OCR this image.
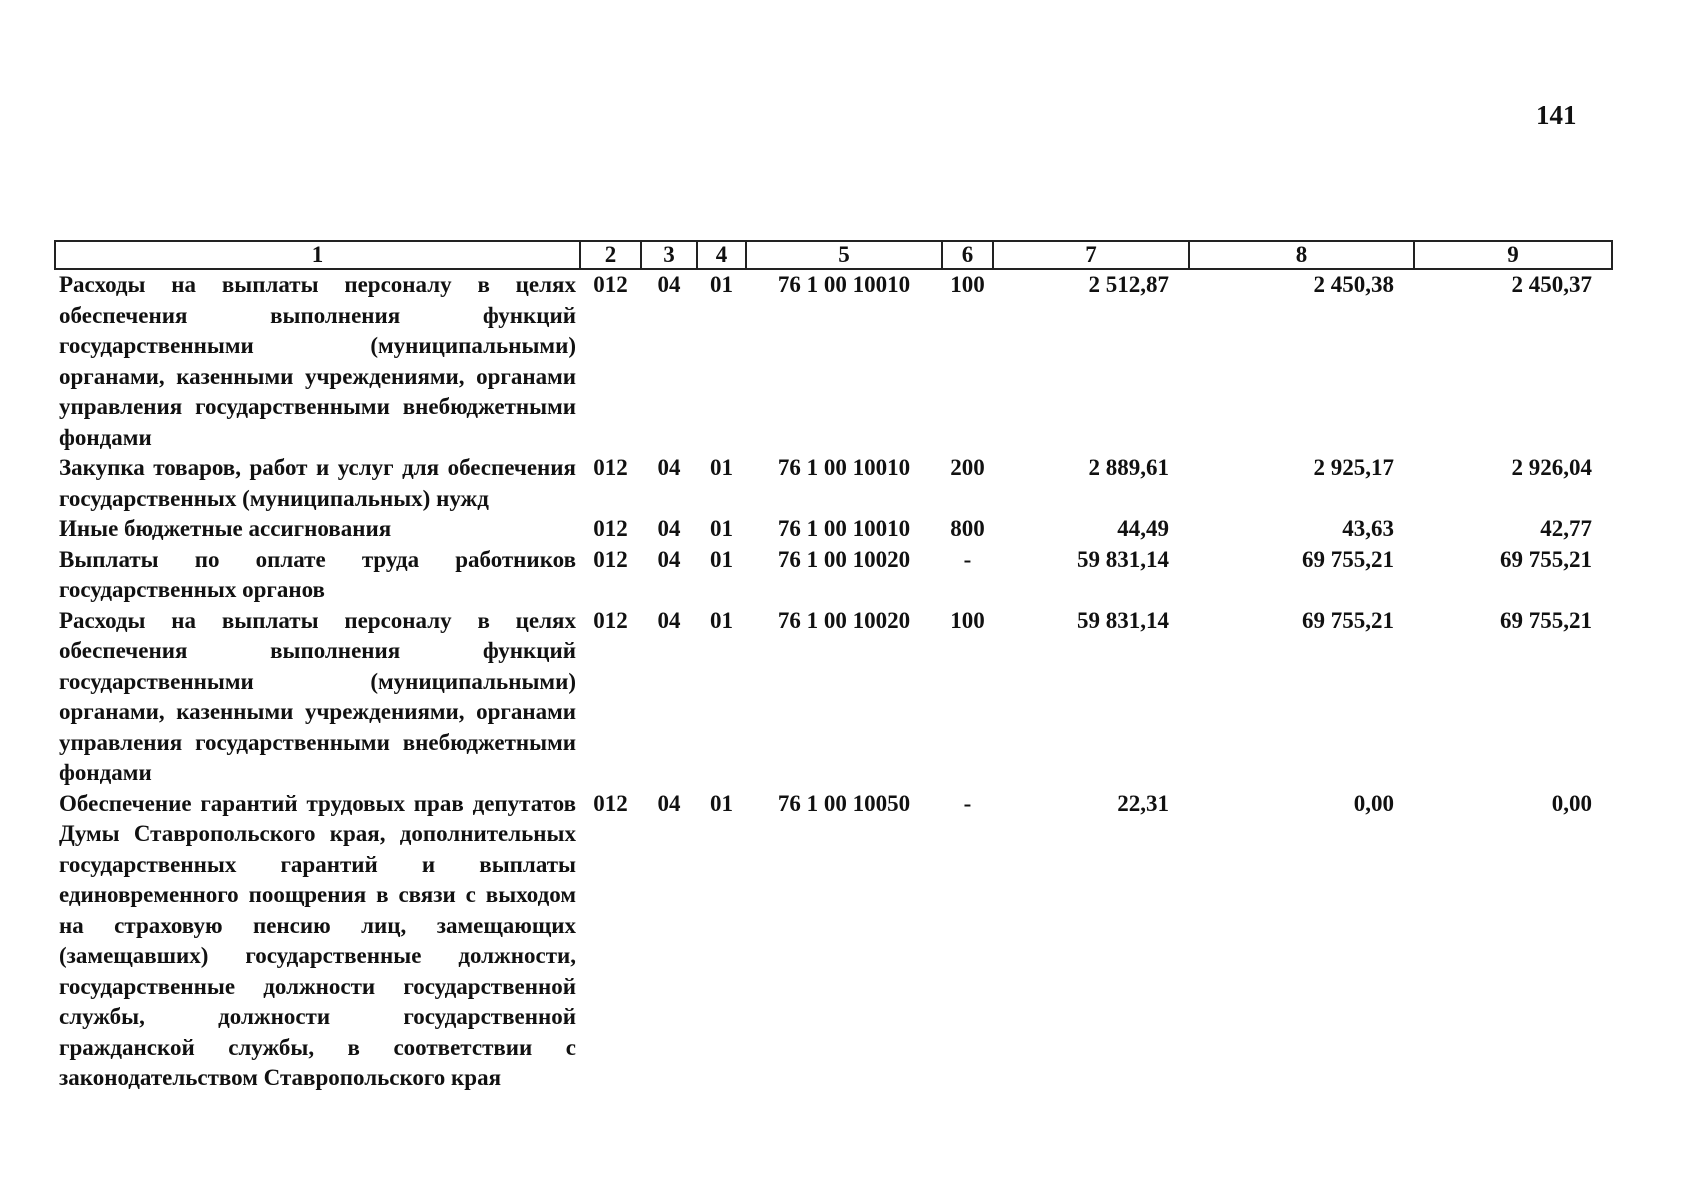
141
1	2	3	4	5	6	7	8	9
Расходы на выплаты персоналу в целях обеспечения выполнения функций государственными (муниципальными) органами, казенными учреждениями, органами управления государственными внебюджетными фондами	012	04	01	76 1 00 10010	100	2 512,87	2 450,38	2 450,37
Закупка товаров, работ и услуг для обеспечения государственных (муниципальных) нужд	012	04	01	76 1 00 10010	200	2 889,61	2 925,17	2 926,04
Иные бюджетные ассигнования	012	04	01	76 1 00 10010	800	44,49	43,63	42,77
Выплаты по оплате труда работников государственных органов	012	04	01	76 1 00 10020	-	59 831,14	69 755,21	69 755,21
Расходы на выплаты персоналу в целях обеспечения выполнения функций государственными (муниципальными) органами, казенными учреждениями, органами управления государственными внебюджетными фондами	012	04	01	76 1 00 10020	100	59 831,14	69 755,21	69 755,21
Обеспечение гарантий трудовых прав депутатов Думы Ставропольского края, дополнительных государственных гарантий и выплаты единовременного поощрения в связи с выходом на страховую пенсию лиц, замещающих (замещавших) государственные должности, государственные должности государственной службы, должности государственной гражданской службы, в соответствии с законодательством Ставропольского края	012	04	01	76 1 00 10050	-	22,31	0,00	0,00
